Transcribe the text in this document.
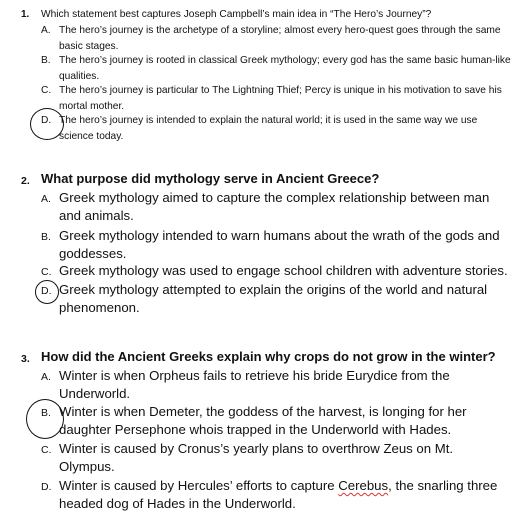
1. Which statement best captures Joseph Campbell’s main idea in “The Hero’s Journey”?
A. The hero’s journey is the archetype of a storyline; almost every hero-quest goes through the same
basic stages.
B. The hero’s journey is rooted in classical Greek mythology; every god has the same basic human-like
qualities.
C. The hero’s journey is particular to The Lightning Thief; Percy is unique in his motivation to save his
mortal mother.
D. The hero’s journey is intended to explain the natural world; it is used in the same way we use
science today.
2. What purpose did mythology serve in Ancient Greece?
A. Greek mythology aimed to capture the complex relationship between man
and animals.
B. Greek mythology intended to warn humans about the wrath of the gods and
goddesses.
C. Greek mythology was used to engage school children with adventure stories.
D. Greek mythology attempted to explain the origins of the world and natural
phenomenon.
3. How did the Ancient Greeks explain why crops do not grow in the winter?
A. Winter is when Orpheus fails to retrieve his bride Eurydice from the
Underworld.
B. Winter is when Demeter, the goddess of the harvest, is longing for her
daughter Persephone whois trapped in the Underworld with Hades.
C. Winter is caused by Cronus’s yearly plans to overthrow Zeus on Mt.
Olympus.
D. Winter is caused by Hercules’ efforts to capture Cerebus, the snarling three
headed dog of Hades in the Underworld.
